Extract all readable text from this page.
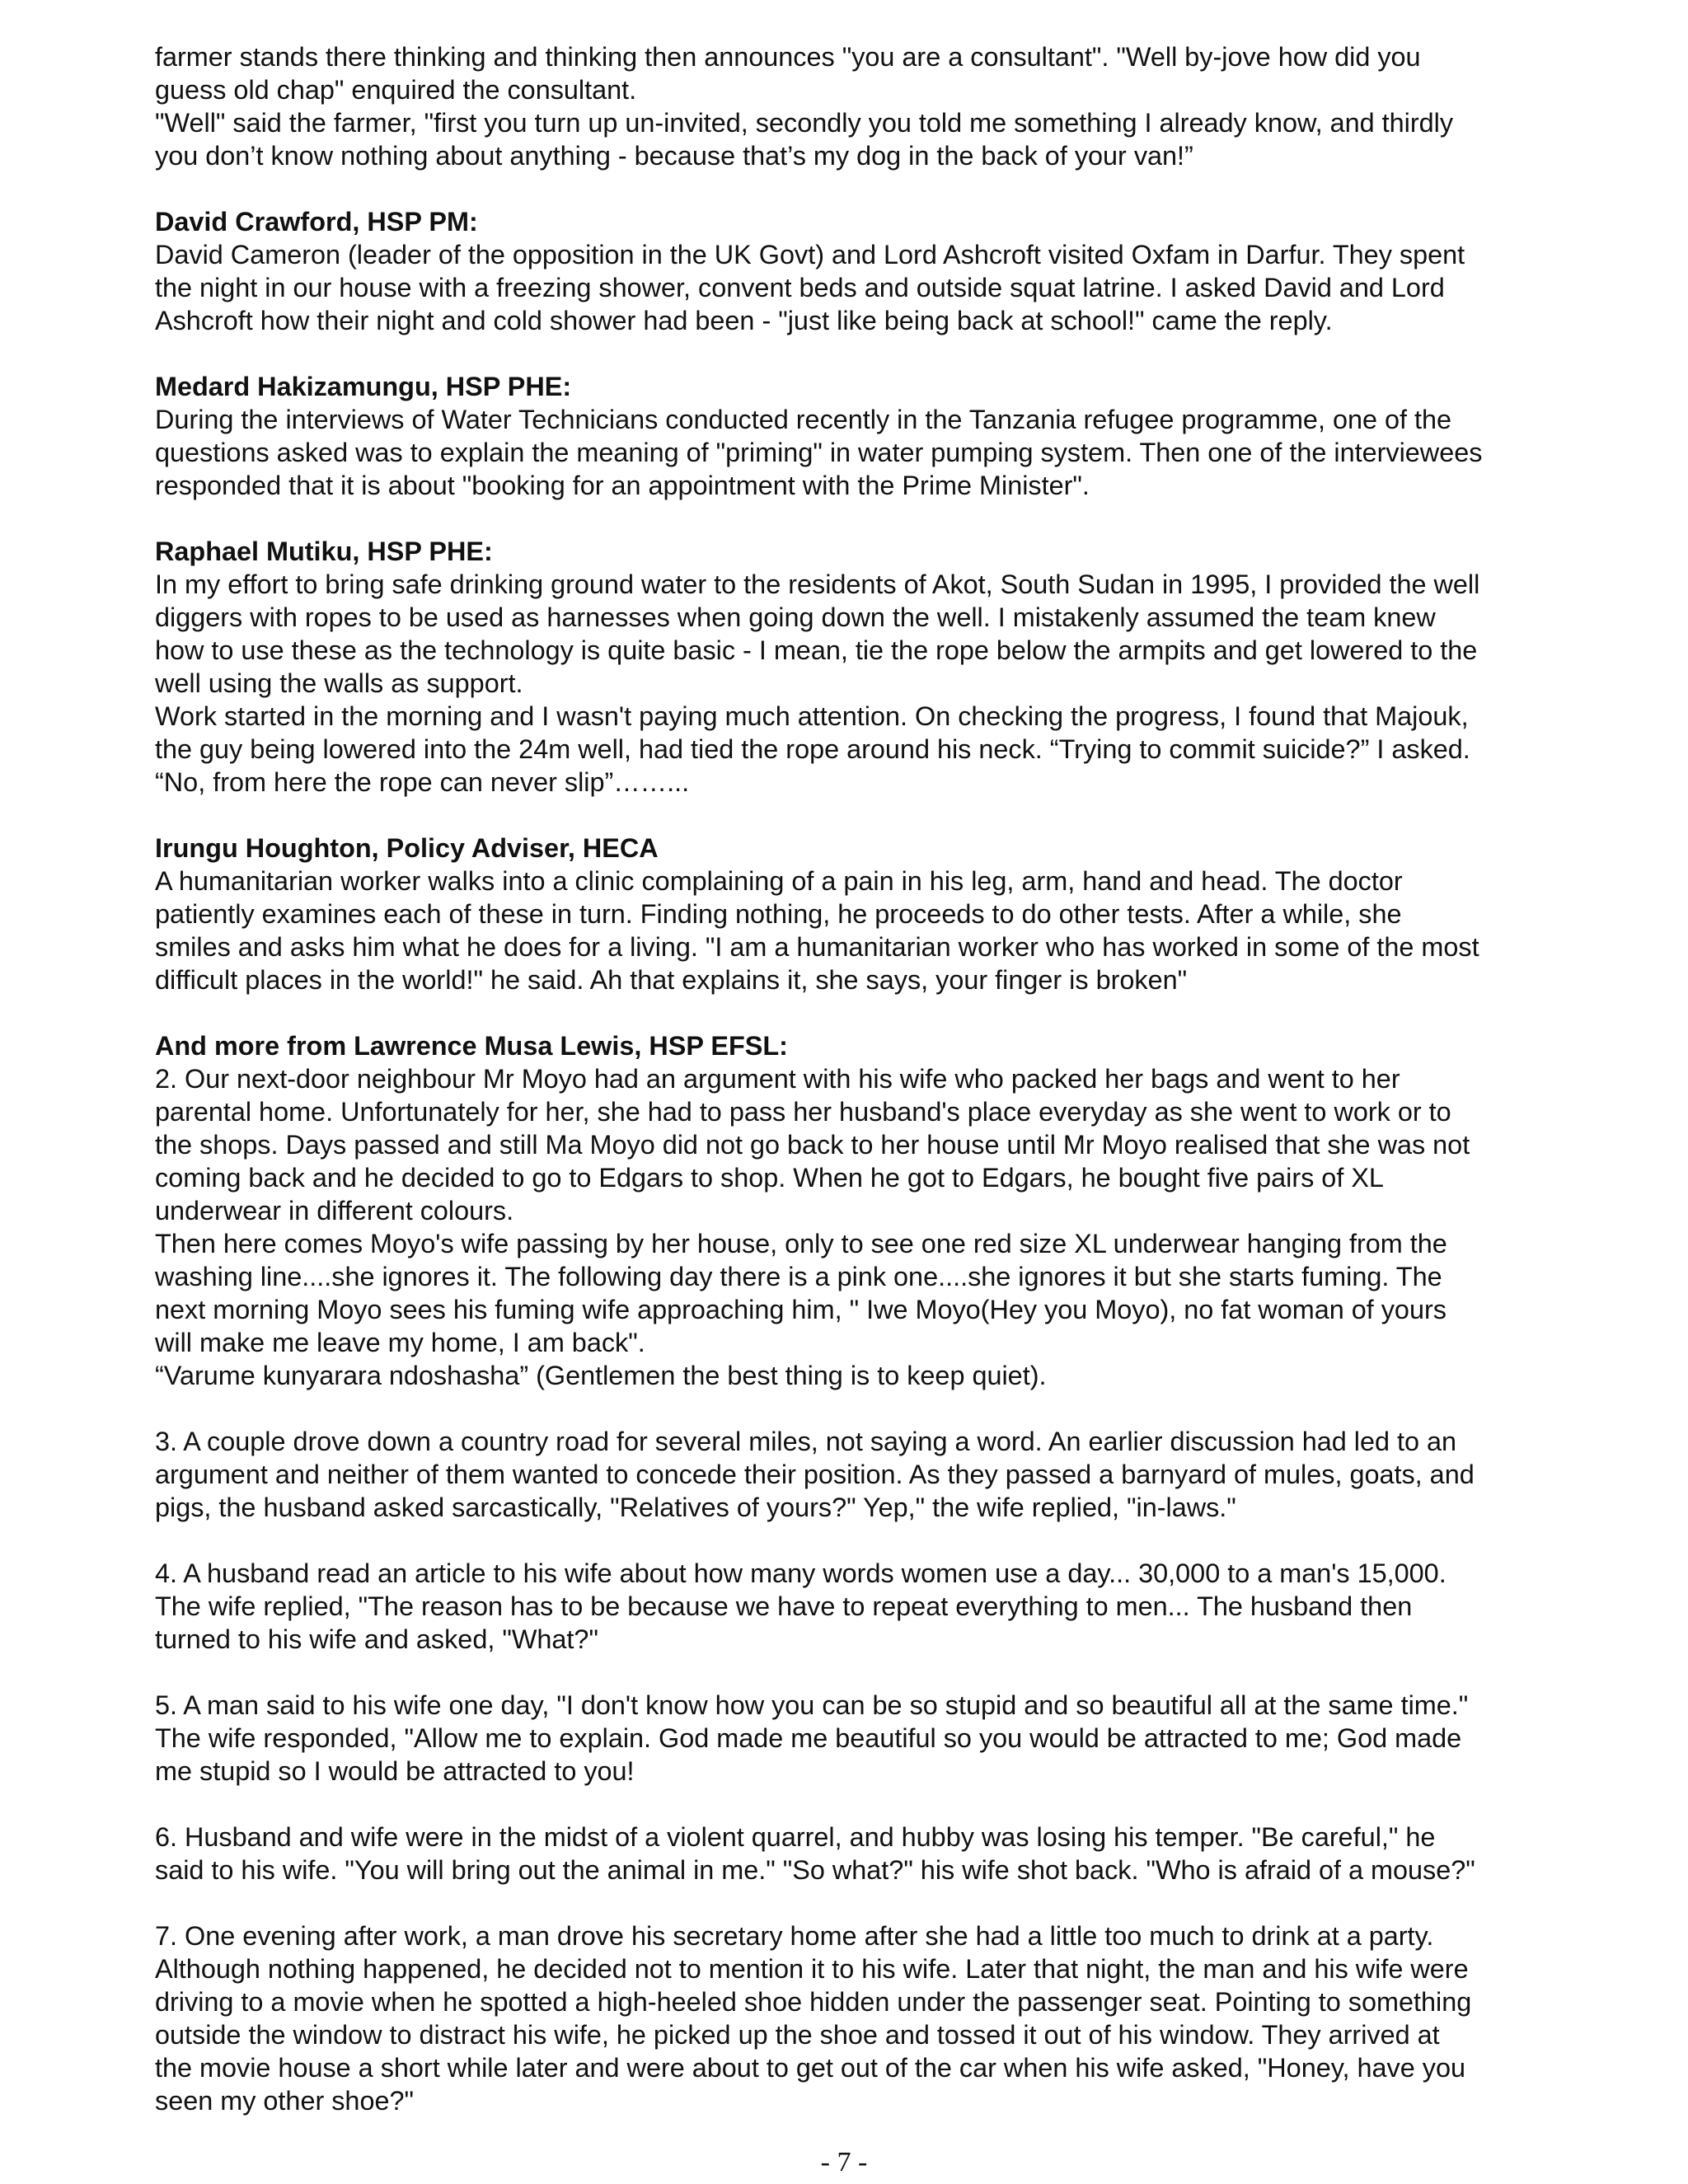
farmer stands there thinking and thinking then announces "you are a consultant". "Well by-jove how did you
guess old chap" enquired the consultant.
"Well" said the farmer, "first you turn up un-invited, secondly you told me something I already know, and thirdly
you don’t know nothing about anything - because that’s my dog in the back of your van!”
David Crawford, HSP PM:
David Cameron (leader of the opposition in the UK Govt) and Lord Ashcroft visited Oxfam in Darfur. They spent
the night in our house with a freezing shower, convent beds and outside squat latrine. I asked David and Lord
Ashcroft how their night and cold shower had been - "just like being back at school!" came the reply.
Medard Hakizamungu, HSP PHE:
During the interviews of Water Technicians conducted recently in the Tanzania refugee programme, one of the
questions asked was to explain the meaning of "priming" in water pumping system. Then one of the interviewees
responded that it is about "booking for an appointment with the Prime Minister".
Raphael Mutiku, HSP PHE:
In my effort to bring safe drinking ground water to the residents of Akot, South Sudan in 1995, I provided the well
diggers with ropes to be used as harnesses when going down the well. I mistakenly assumed the team knew
how to use these as the technology is quite basic - I mean, tie the rope below the armpits and get lowered to the
well using the walls as support.
Work started in the morning and I wasn't paying much attention. On checking the progress, I found that Majouk,
the guy being lowered into the 24m well, had tied the rope around his neck. “Trying to commit suicide?” I asked.
“No, from here the rope can never slip”……...
Irungu Houghton, Policy Adviser, HECA
A humanitarian worker walks into a clinic complaining of a pain in his leg, arm, hand and head. The doctor
patiently examines each of these in turn. Finding nothing, he proceeds to do other tests. After a while, she
smiles and asks him what he does for a living. "I am a humanitarian worker who has worked in some of the most
difficult places in the world!" he said. Ah that explains it, she says, your finger is broken"
And more from Lawrence Musa Lewis, HSP EFSL:
2. Our next-door neighbour Mr Moyo had an argument with his wife who packed her bags and went to her
parental home. Unfortunately for her, she had to pass her husband's place everyday as she went to work or to
the shops. Days passed and still Ma Moyo did not go back to her house until Mr Moyo realised that she was not
coming back and he decided to go to Edgars to shop. When he got to Edgars, he bought five pairs of XL
underwear in different colours.
Then here comes Moyo's wife passing by her house, only to see one red size XL underwear hanging from the
washing line....she ignores it. The following day there is a pink one....she ignores it but she starts fuming. The
next morning Moyo sees his fuming wife approaching him, " Iwe Moyo(Hey you Moyo), no fat woman of yours
will make me leave my home, I am back".
“Varume kunyarara ndoshasha” (Gentlemen the best thing is to keep quiet).
3. A couple drove down a country road for several miles, not saying a word. An earlier discussion had led to an
argument and neither of them wanted to concede their position. As they passed a barnyard of mules, goats, and
pigs, the husband asked sarcastically, "Relatives of yours?" Yep," the wife replied, "in-laws."
4. A husband read an article to his wife about how many words women use a day... 30,000 to a man's 15,000.
The wife replied, "The reason has to be because we have to repeat everything to men... The husband then
turned to his wife and asked, "What?"
5. A man said to his wife one day, "I don't know how you can be so stupid and so beautiful all at the same time."
The wife responded, "Allow me to explain. God made me beautiful so you would be attracted to me; God made
me stupid so I would be attracted to you!
6. Husband and wife were in the midst of a violent quarrel, and hubby was losing his temper. "Be careful," he
said to his wife. "You will bring out the animal in me." "So what?" his wife shot back. "Who is afraid of a mouse?"
7. One evening after work, a man drove his secretary home after she had a little too much to drink at a party.
Although nothing happened, he decided not to mention it to his wife. Later that night, the man and his wife were
driving to a movie when he spotted a high-heeled shoe hidden under the passenger seat. Pointing to something
outside the window to distract his wife, he picked up the shoe and tossed it out of his window. They arrived at
the movie house a short while later and were about to get out of the car when his wife asked, "Honey, have you
seen my other shoe?"
- 7 -
